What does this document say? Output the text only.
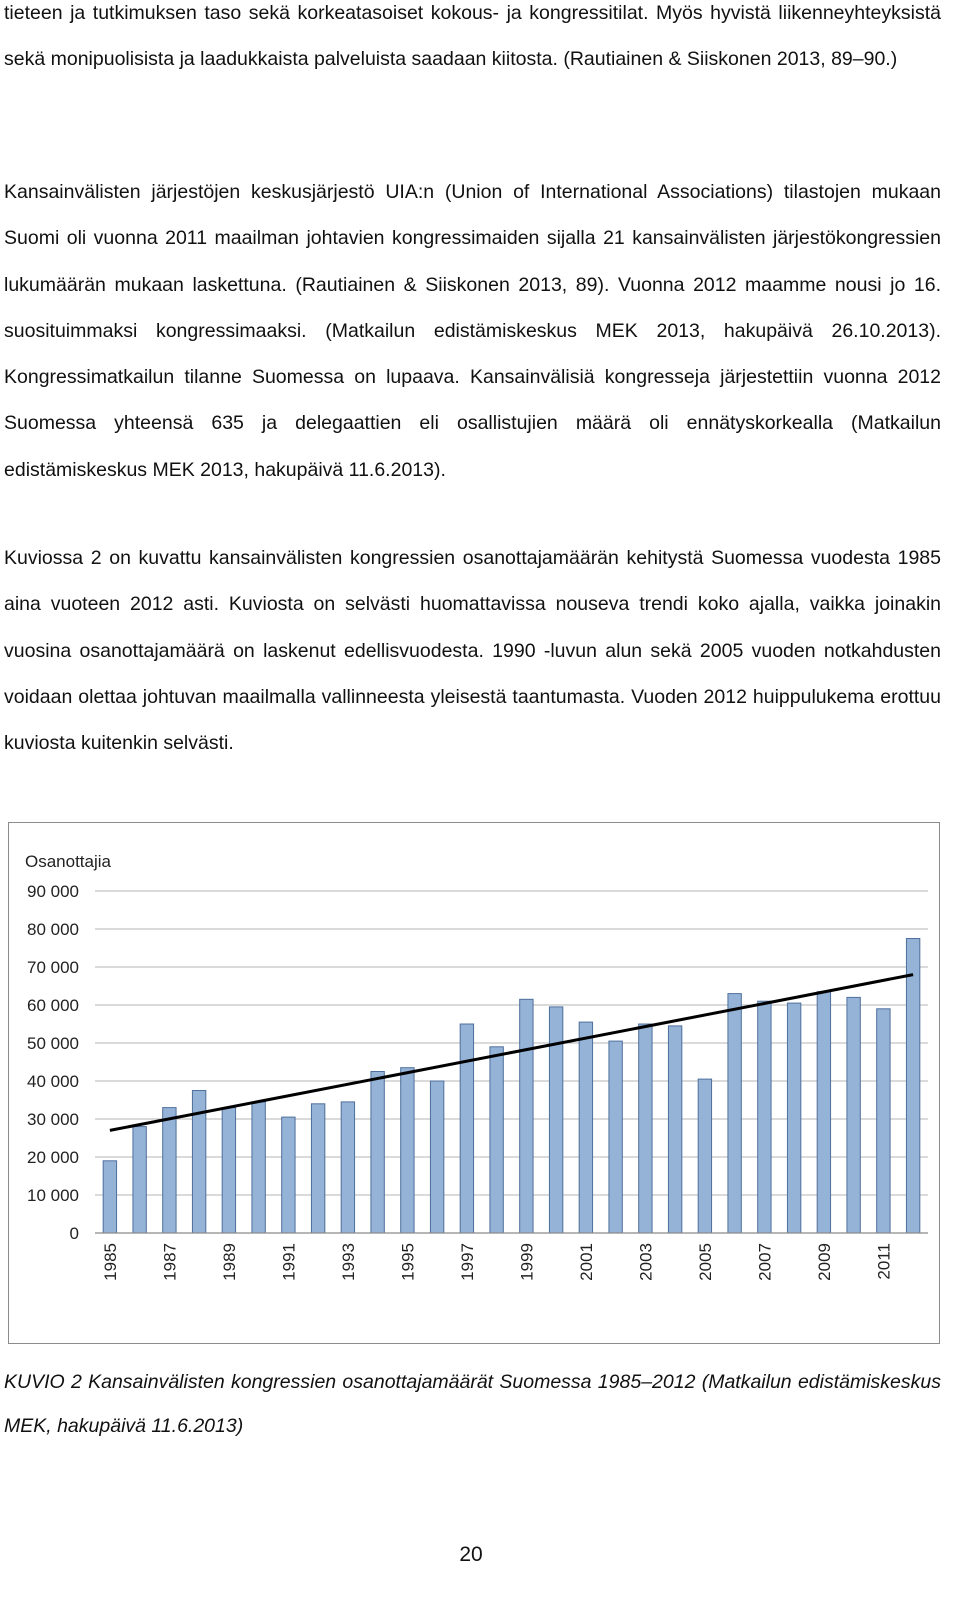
tieteen ja tutkimuksen taso sekä korkeatasoiset kokous- ja kongressitilat. Myös hyvistä liikenneyhteyksistä sekä monipuolisista ja laadukkaista palveluista saadaan kiitosta. (Rautiainen & Siiskonen 2013, 89–90.)

Kansainvälisten järjestöjen keskusjärjestö UIA:n (Union of International Associations) tilastojen mukaan Suomi oli vuonna 2011 maailman johtavien kongressimaiden sijalla 21 kansainvälisten järjestökongressien lukumäärän mukaan laskettuna. (Rautiainen & Siiskonen 2013, 89). Vuonna 2012 maamme nousi jo 16. suosituimmaksi kongressimaaksi. (Matkailun edistämiskeskus MEK 2013, hakupäivä 26.10.2013). Kongressimatkailun tilanne Suomessa on lupaava. Kansainvälisiä kongresseja järjestettiin vuonna 2012 Suomessa yhteensä 635 ja delegaattien eli osallistujien määrä oli ennätyskorkealla (Matkailun edistämiskeskus MEK 2013, hakupäivä 11.6.2013).

Kuviossa 2 on kuvattu kansainvälisten kongressien osanottajamäärän kehitystä Suomessa vuodesta 1985 aina vuoteen 2012 asti. Kuviosta on selvästi huomattavissa nouseva trendi koko ajalla, vaikka joinakin vuosina osanottajamäärä on laskenut edellisvuodesta. 1990 -luvun alun sekä 2005 vuoden notkahdusten voidaan olettaa johtuvan maailmalla vallinneesta yleisestä taantumasta. Vuoden 2012 huippulukema erottuu kuviosta kuitenkin selvästi.

0
10 000
20 000
30 000
40 000
50 000
60 000
70 000
80 000
90 000
Osanottajia
1985 1987 1989 1991 1993 1995 1997 1999 2001 2003 2005 2007 2009 2011

KUVIO 2 Kansainvälisten kongressien osanottajamäärät Suomessa 1985–2012 (Matkailun edistämiskeskus MEK, hakupäivä 11.6.2013)

20
